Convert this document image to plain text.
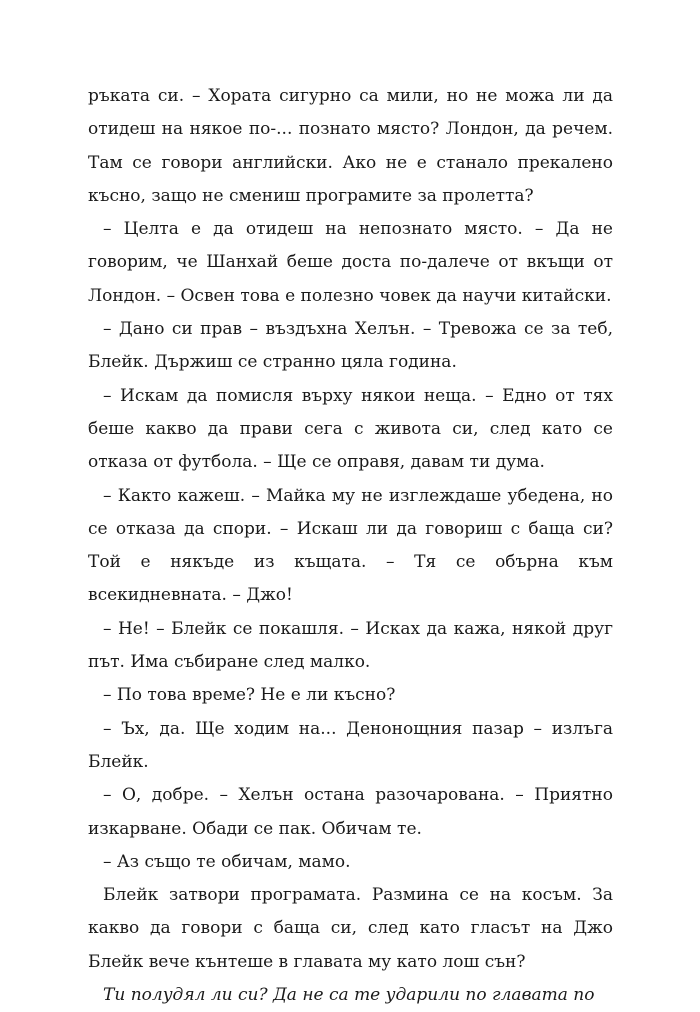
ръката си. – Хората сигурно са мили, но не можа ли да отидеш на някое по-... познато място? Лондон, да речем. Там се говори английски. Ако не е станало прекалено късно, защо не смениш програмите за пролетта?

– Целта е да отидеш на непознато място. – Да не говорим, че Шанхай беше доста по-далече от вкъщи от Лондон. – Освен това е полезно човек да научи китайски.

– Дано си прав – въздъхна Хелън. – Тревожа се за теб, Блейк. Държиш се странно цяла година.

– Искам да помисля върху някои неща. – Едно от тях беше какво да прави сега с живота си, след като се отказа от футбола. – Ще се оправя, давам ти дума.

– Както кажеш. – Майка му не изглеждаше убедена, но се отказа да спори. – Искаш ли да говориш с баща си? Той е някъде из къщата. – Тя се обърна към всекидневната. – Джо!

– Не! – Блейк се покашля. – Исках да кажа, някой друг път. Има събиране след малко.

– По това време? Не е ли късно?

– Ъх, да. Ще ходим на... Денонощния пазар – излъга Блейк.

– О, добре. – Хелън остана разочарована. – Приятно изкарване. Обади се пак. Обичам те.

– Аз също те обичам, мамо.

Блейк затвори програмата. Размина се на косъм. За какво да говори с баща си, след като гласът на Джо Блейк вече кънтеше в главата му като лош сън?

Ти полудял ли си? Да не са те ударили по главата по
